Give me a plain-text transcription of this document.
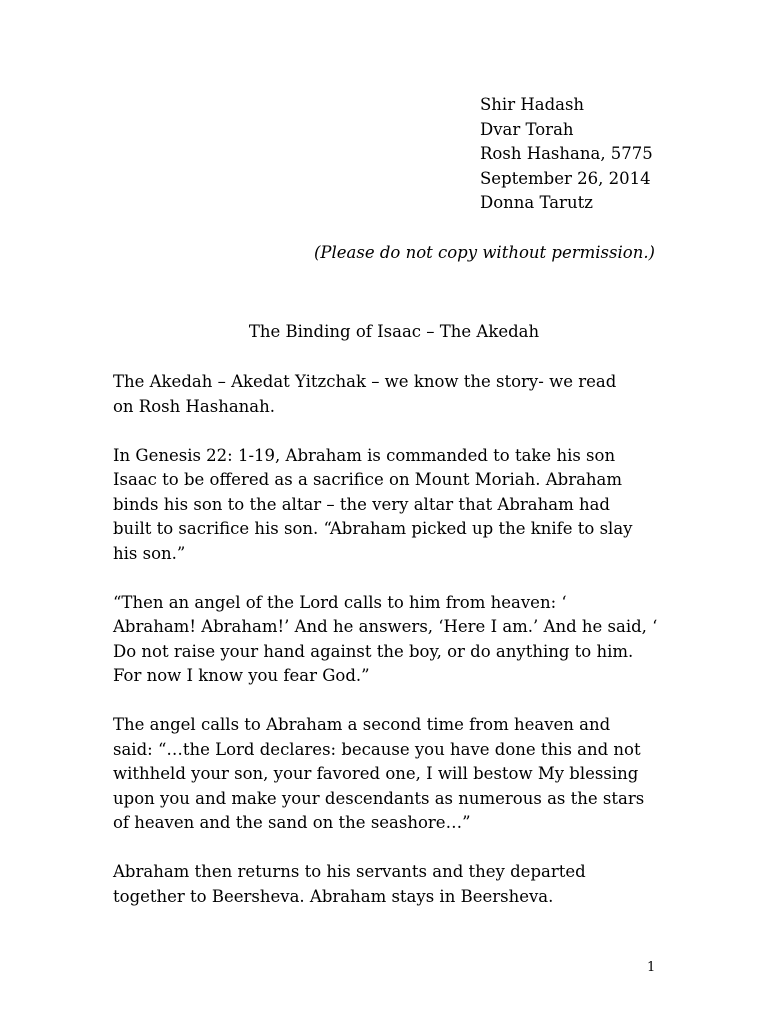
Shir Hadash
Dvar Torah
Rosh Hashana, 5775
September 26, 2014
Donna Tarutz
(Please do not copy without permission.)
The Binding of Isaac – The Akedah

The Akedah – Akedat Yitzchak – we know the story- we read
on Rosh Hashanah.

In Genesis 22: 1-19, Abraham is commanded to take his son
Isaac to be offered as a sacrifice on Mount Moriah. Abraham
binds his son to the altar – the very altar that Abraham had
built to sacrifice his son. “Abraham picked up the knife to slay
his son.”

“Then an angel of the Lord calls to him from heaven: ‘
Abraham! Abraham!’ And he answers, ‘Here I am.’ And he said, ‘
Do not raise your hand against the boy, or do anything to him.
For now I know you fear God.”

The angel calls to Abraham a second time from heaven and
said: “…the Lord declares: because you have done this and not
withheld your son, your favored one, I will bestow My blessing
upon you and make your descendants as numerous as the stars
of heaven and the sand on the seashore…”

Abraham then returns to his servants and they departed
together to Beersheva. Abraham stays in Beersheva.

1
